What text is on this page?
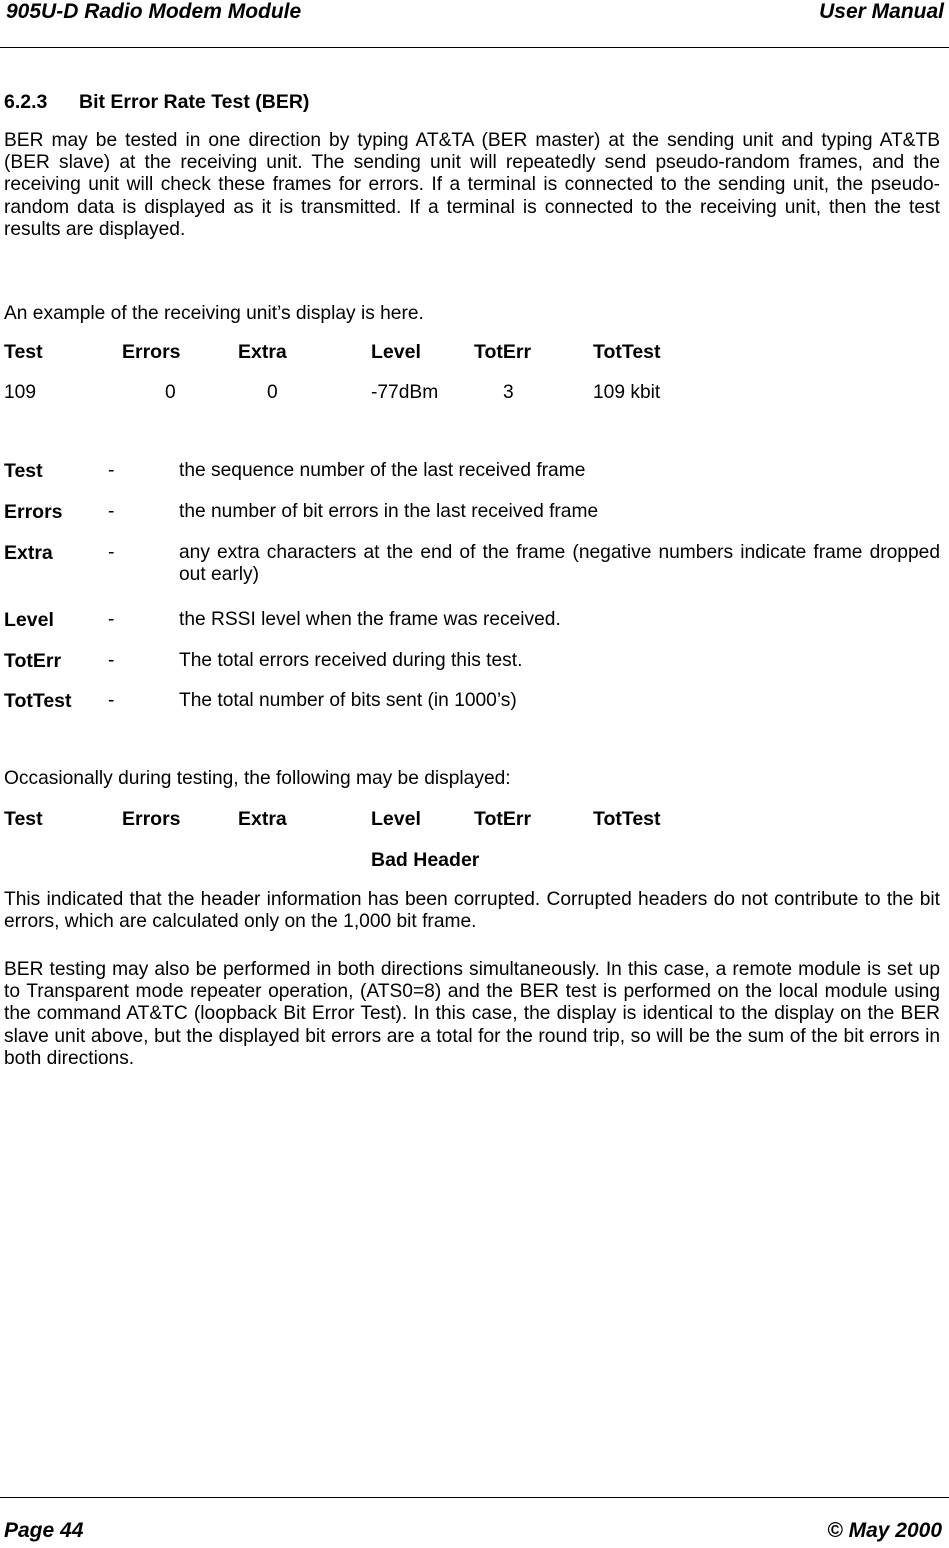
905U-D Radio Modem Module	User Manual
6.2.3 Bit Error Rate Test (BER)
BER may be tested in one direction by typing AT&TA (BER master) at the sending unit and typing AT&TB (BER slave) at the receiving unit. The sending unit will repeatedly send pseudo-random frames, and the receiving unit will check these frames for errors. If a terminal is connected to the sending unit, the pseudo-random data is displayed as it is transmitted. If a terminal is connected to the receiving unit, then the test results are displayed.
An example of the receiving unit’s display is here.
Test	Errors	Extra	Level	TotErr	TotTest
109	0	0	-77dBm	3	109 kbit
Test	-	the sequence number of the last received frame
Errors -	the number of bit errors in the last received frame
Extra	-	any extra characters at the end of the frame (negative numbers indicate frame dropped out early)
Level	-	the RSSI level when the frame was received.
TotErr -	The total errors received during this test.
TotTest -	The total number of bits sent (in 1000’s)
Occasionally during testing, the following may be displayed:
Test	Errors	Extra	Level	TotErr	TotTest
Bad Header
This indicated that the header information has been corrupted. Corrupted headers do not contribute to the bit errors, which are calculated only on the 1,000 bit frame.
BER testing may also be performed in both directions simultaneously. In this case, a remote module is set up to Transparent mode repeater operation, (ATS0=8) and the BER test is performed on the local module using the command AT&TC (loopback Bit Error Test). In this case, the display is identical to the display on the BER slave unit above, but the displayed bit errors are a total for the round trip, so will be the sum of the bit errors in both directions.
Page 44	© May 2000
